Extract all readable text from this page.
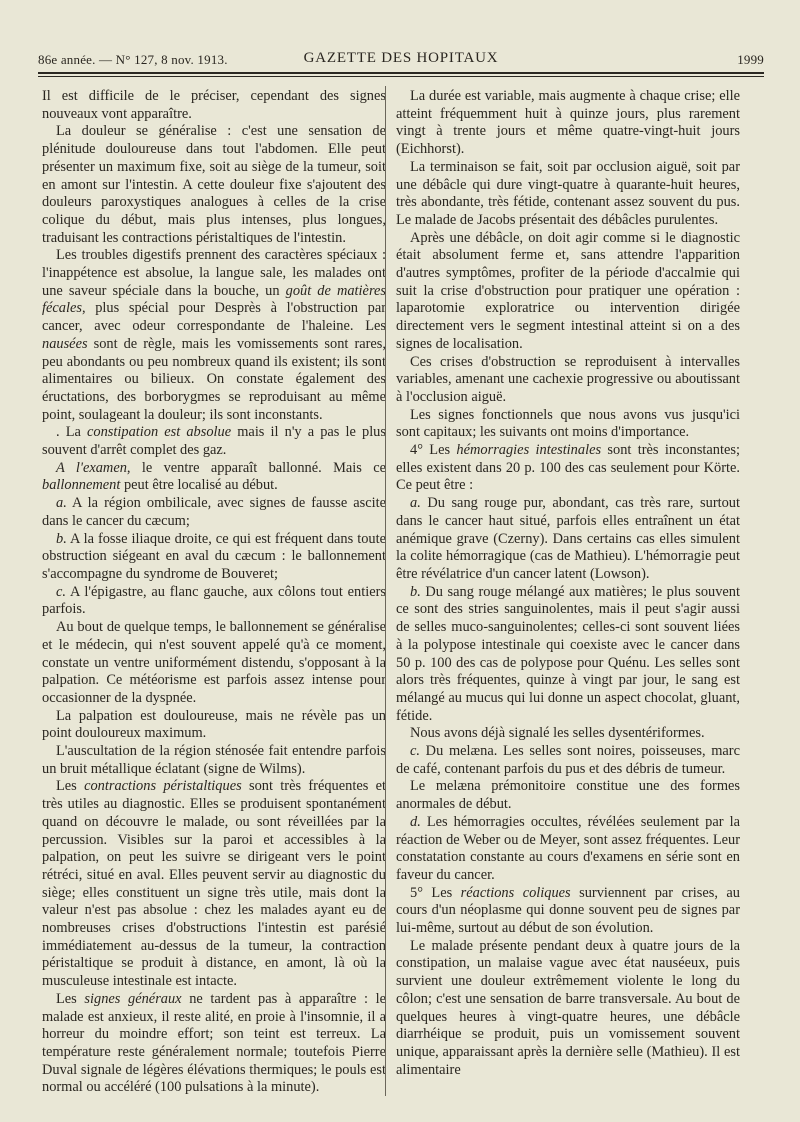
86e année. — N° 127, 8 nov. 1913.	GAZETTE DES HOPITAUX	1999

Il est difficile de le préciser, cependant des signes nouveaux vont apparaître.

La douleur se généralise : c'est une sensation de plénitude douloureuse dans tout l'abdomen. Elle peut présenter un maximum fixe, soit au siège de la tumeur, soit en amont sur l'intestin. A cette douleur fixe s'ajoutent des douleurs paroxystiques analogues à celles de la crise colique du début, mais plus intenses, plus longues, traduisant les contractions péristaltiques de l'intestin.

Les troubles digestifs prennent des caractères spéciaux : l'inappétence est absolue, la langue sale, les malades ont une saveur spéciale dans la bouche, un goût de matières fécales, plus spécial pour Desprès à l'obstruction par cancer, avec odeur correspondante de l'haleine. Les nausées sont de règle, mais les vomissements sont rares, peu abondants ou peu nombreux quand ils existent; ils sont alimentaires ou bilieux. On constate également des éructations, des borborygmes se reproduisant au même point, soulageant la douleur; ils sont inconstants.

. La constipation est absolue mais il n'y a pas le plus souvent d'arrêt complet des gaz.

A l'examen, le ventre apparaît ballonné. Mais ce ballonnement peut être localisé au début.

a. A la région ombilicale, avec signes de fausse ascite dans le cancer du cæcum;

b. A la fosse iliaque droite, ce qui est fréquent dans toute obstruction siégeant en aval du cæcum : le ballonnement s'accompagne du syndrome de Bouveret;

c. A l'épigastre, au flanc gauche, aux côlons tout entiers parfois.

Au bout de quelque temps, le ballonnement se généralise et le médecin, qui n'est souvent appelé qu'à ce moment, constate un ventre uniformément distendu, s'opposant à la palpation. Ce météorisme est parfois assez intense pour occasionner de la dyspnée.

La palpation est douloureuse, mais ne révèle pas un point douloureux maximum.

L'auscultation de la région sténosée fait entendre parfois un bruit métallique éclatant (signe de Wilms).

Les contractions péristaltiques sont très fréquentes et très utiles au diagnostic. Elles se produisent spontanément quand on découvre le malade, ou sont réveillées par la percussion. Visibles sur la paroi et accessibles à la palpation, on peut les suivre se dirigeant vers le point rétréci, situé en aval. Elles peuvent servir au diagnostic du siège; elles constituent un signe très utile, mais dont la valeur n'est pas absolue : chez les malades ayant eu de nombreuses crises d'obstructions l'intestin est parésié immédiatement au-dessus de la tumeur, la contraction péristaltique se produit à distance, en amont, là où la musculeuse intestinale est intacte.

Les signes généraux ne tardent pas à apparaître : le malade est anxieux, il reste alité, en proie à l'insomnie, il a horreur du moindre effort; son teint est terreux. La température reste généralement normale; toutefois Pierre Duval signale de légères élévations thermiques; le pouls est normal ou accéléré (100 pulsations à la minute).

La durée est variable, mais augmente à chaque crise; elle atteint fréquemment huit à quinze jours, plus rarement vingt à trente jours et même quatre-vingt-huit jours (Eichhorst).

La terminaison se fait, soit par occlusion aiguë, soit par une débâcle qui dure vingt-quatre à quarante-huit heures, très abondante, très fétide, contenant assez souvent du pus. Le malade de Jacobs présentait des débâcles purulentes.

Après une débâcle, on doit agir comme si le diagnostic était absolument ferme et, sans attendre l'apparition d'autres symptômes, profiter de la période d'accalmie qui suit la crise d'obstruction pour pratiquer une opération : laparotomie exploratrice ou intervention dirigée directement vers le segment intestinal atteint si on a des signes de localisation.

Ces crises d'obstruction se reproduisent à intervalles variables, amenant une cachexie progressive ou aboutissant à l'occlusion aiguë.

Les signes fonctionnels que nous avons vus jusqu'ici sont capitaux; les suivants ont moins d'importance.

4° Les hémorragies intestinales sont très inconstantes; elles existent dans 20 p. 100 des cas seulement pour Körte. Ce peut être :

a. Du sang rouge pur, abondant, cas très rare, surtout dans le cancer haut situé, parfois elles entraînent un état anémique grave (Czerny). Dans certains cas elles simulent la colite hémorragique (cas de Mathieu). L'hémorragie peut être révélatrice d'un cancer latent (Lowson).

b. Du sang rouge mélangé aux matières; le plus souvent ce sont des stries sanguinolentes, mais il peut s'agir aussi de selles muco-sanguinolentes; celles-ci sont souvent liées à la polypose intestinale qui coexiste avec le cancer dans 50 p. 100 des cas de polypose pour Quénu. Les selles sont alors très fréquentes, quinze à vingt par jour, le sang est mélangé au mucus qui lui donne un aspect chocolat, gluant, fétide.

Nous avons déjà signalé les selles dysentériformes.

c. Du melæna. Les selles sont noires, poisseuses, marc de café, contenant parfois du pus et des débris de tumeur.

Le melæna prémonitoire constitue une des formes anormales de début.

d. Les hémorragies occultes, révélées seulement par la réaction de Weber ou de Meyer, sont assez fréquentes. Leur constatation constante au cours d'examens en série sont en faveur du cancer.

5° Les réactions coliques surviennent par crises, au cours d'un néoplasme qui donne souvent peu de signes par lui-même, surtout au début de son évolution.

Le malade présente pendant deux à quatre jours de la constipation, un malaise vague avec état nauséeux, puis survient une douleur extrêmement violente le long du côlon; c'est une sensation de barre transversale. Au bout de quelques heures à vingt-quatre heures, une débâcle diarrhéique se produit, puis un vomissement souvent unique, apparaissant après la dernière selle (Mathieu). Il est alimentaire
